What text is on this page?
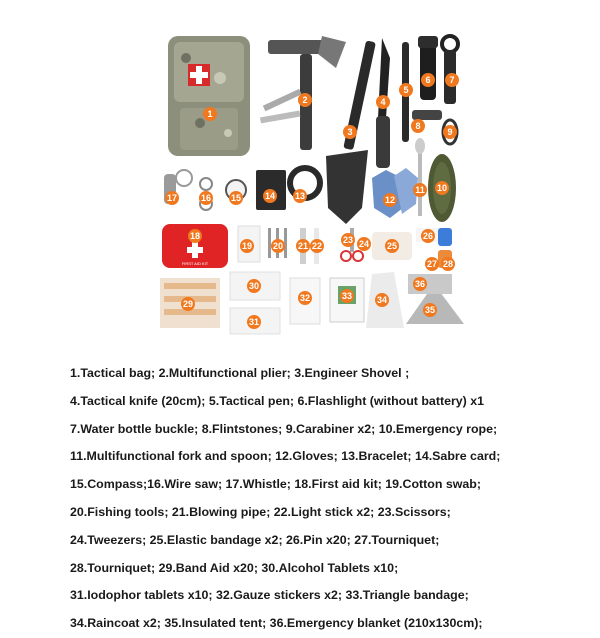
FIRST AID KIT
1
2
3
4
5
6 7
8
9
10
11
12
13
14
15
16
17
18
19 20 21 22
23 24 25
26
27 28
29
30
31
32	33	34
35
36
1.Tactical bag; 2.Multifunctional plier; 3.Engineer Shovel ;
4.Tactical knife (20cm); 5.Tactical pen; 6.Flashlight (without battery) x1
7.Water bottle buckle; 8.Flintstones; 9.Carabiner x2; 10.Emergency rope;
11.Multifunctional fork and spoon; 12.Gloves; 13.Bracelet; 14.Sabre card;
15.Compass;16.Wire saw; 17.Whistle; 18.First aid kit; 19.Cotton swab;
20.Fishing tools; 21.Blowing pipe; 22.Light stick x2; 23.Scissors;
24.Tweezers; 25.Elastic bandage x2; 26.Pin x20; 27.Tourniquet;
28.Tourniquet; 29.Band Aid x20; 30.Alcohol Tablets x10;
31.Iodophor tablets x10; 32.Gauze stickers x2; 33.Triangle bandage;
34.Raincoat x2; 35.Insulated tent; 36.Emergency blanket (210x130cm);
